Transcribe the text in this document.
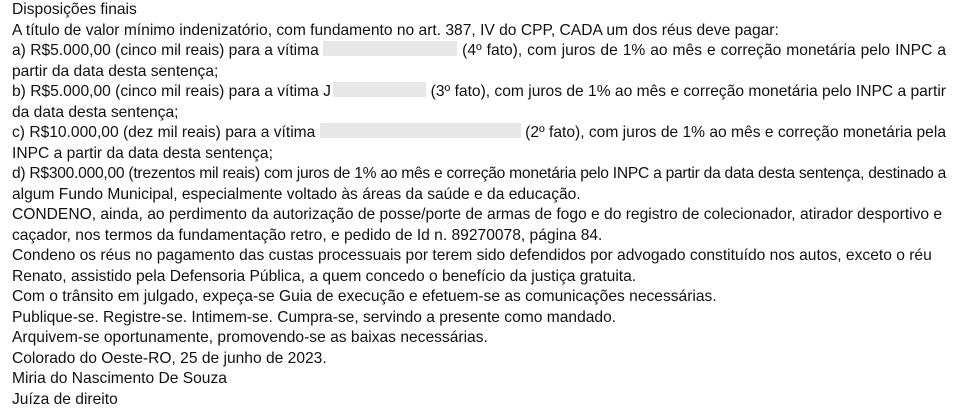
Disposições finais

A título de valor mínimo indenizatório, com fundamento no art. 387, IV do CPP, CADA um dos réus deve pagar:

a) R$5.000,00 (cinco mil reais) para a vítima	(4º fato), com juros de 1% ao mês e correção monetária pelo INPC a

partir da data desta sentença;

b) R$5.000,00 (cinco mil reais) para a vítima J	(3º fato), com juros de 1% ao mês e correção monetária pelo INPC a partir

da data desta sentença;

c) R$10.000,00 (dez mil reais) para a vítima	(2º fato), com juros de 1% ao mês e correção monetária pela

INPC a partir da data desta sentença;

d) R$300.000,00 (trezentos mil reais) com juros de 1% ao mês e correção monetária pelo INPC a partir da data desta sentença, destinado a

algum Fundo Municipal, especialmente voltado às áreas da saúde e da educação.

CONDENO, ainda, ao perdimento da autorização de posse/porte de armas de fogo e do registro de colecionador, atirador desportivo e

caçador, nos termos da fundamentação retro, e pedido de Id n. 89270078, página 84.

Condeno os réus no pagamento das custas processuais por terem sido defendidos por advogado constituído nos autos, exceto o réu

Renato, assistido pela Defensoria Pública, a quem concedo o benefício da justiça gratuita.

Com o trânsito em julgado, expeça-se Guia de execução e efetuem-se as comunicações necessárias.

Publique-se. Registre-se. Intimem-se. Cumpra-se, servindo a presente como mandado.

Arquivem-se oportunamente, promovendo-se as baixas necessárias.

Colorado do Oeste-RO, 25 de junho de 2023.

Miria do Nascimento De Souza

Juíza de direito
